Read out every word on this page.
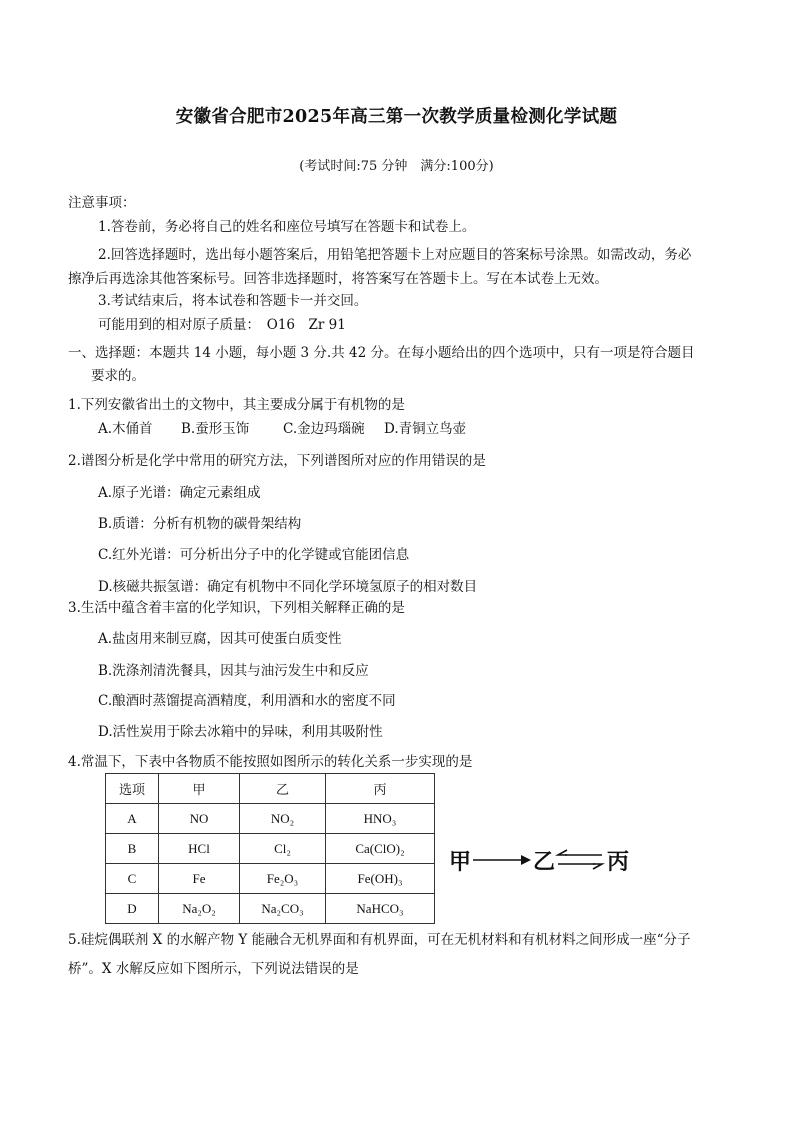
安徽省合肥市2025年高三第一次教学质量检测化学试题
(考试时间:75 分钟　满分:100分)
注意事项：
1.答卷前，务必将自己的姓名和座位号填写在答题卡和试卷上。
2.回答选择题时，选出每小题答案后，用铅笔把答题卡上对应题目的答案标号涂黑。如需改动，务必
擦净后再选涂其他答案标号。回答非选择题时，将答案写在答题卡上。写在本试卷上无效。
3.考试结束后，将本试卷和答题卡一并交回。
可能用到的相对原子质量：　O16　Zr 91
一、选择题：本题共 14 小题，每小题 3 分.共 42 分。在每小题给出的四个选项中，只有一项是符合题目
要求的。
1.下列安徽省出土的文物中，其主要成分属于有机物的是
A.木俑首 B.蚕形玉饰	C.金边玛瑙碗 D.青铜立鸟壶
2.谱图分析是化学中常用的研究方法，下列谱图所对应的作用错误的是
A.原子光谱：确定元素组成
B.质谱：分析有机物的碳骨架结构
C.红外光谱：可分析出分子中的化学键或官能团信息
D.核磁共振氢谱：确定有机物中不同化学环境氢原子的相对数目
3.生活中蕴含着丰富的化学知识，下列相关解释正确的是
A.盐卤用来制豆腐，因其可使蛋白质变性
B.洗涤剂清洗餐具，因其与油污发生中和反应
C.酿酒时蒸馏提高酒精度，利用酒和水的密度不同
D.活性炭用于除去冰箱中的异味，利用其吸附性
4.常温下，下表中各物质不能按照如图所示的转化关系一步实现的是
选项	甲	乙	丙
A	NO	NO₂	HNO₃
B	HCl	Cl₂	Ca(ClO)₂
C	Fe	Fe₂O₃	Fe(OH)₃
D	Na₂O₂	Na₂CO₃	NaHCO₃
甲	乙 ⇌ 丙
5.硅烷偶联剂 X 的水解产物 Y 能融合无机界面和有机界面，可在无机材料和有机材料之间形成一座“分子
桥”。X 水解反应如下图所示，下列说法错误的是
